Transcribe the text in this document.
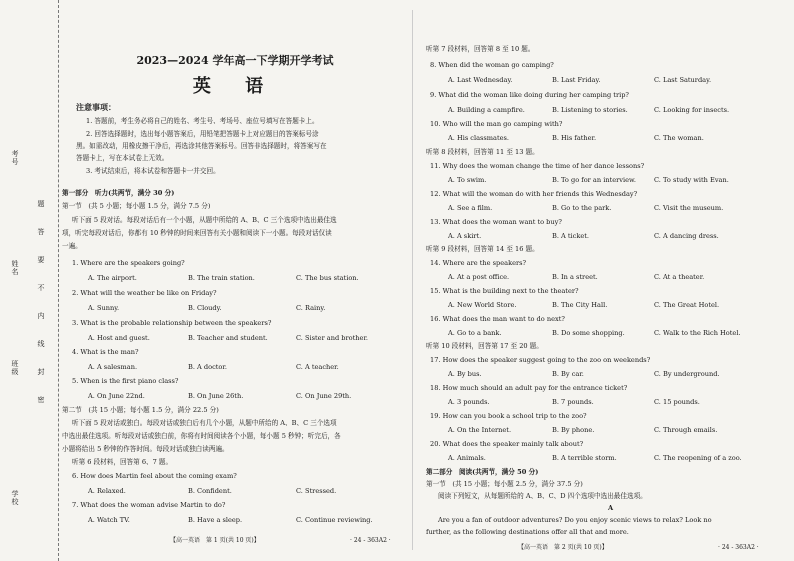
考号
姓名
班级
学校
题
答
要
不
内
线
封
密
2023—2024 学年高一下学期开学考试
英 语
注意事项：
1. 答题前，考生务必将自己的姓名、考生号、考场号、座位号填写在答题卡上。
2. 回答选择题时，选出每小题答案后，用铅笔把答题卡上对应题目的答案标号涂
黑。如需改动，用橡皮擦干净后，再选涂其他答案标号。回答非选择题时，将答案写在
答题卡上，写在本试卷上无效。
3. 考试结束后，将本试卷和答题卡一并交回。
第一部分　听力(共两节，满分 30 分)
第一节　(共 5 小题；每小题 1.5 分，满分 7.5 分)
听下面 5 段对话。每段对话后有一个小题，从题中所给的 A、B、C 三个选项中选出最佳选
项，听完每段对话后，你都有 10 秒钟的时间来回答有关小题和阅读下一小题。每段对话仅读
一遍。
1. Where are the speakers going?
A. The airport.	B. The train station.	C. The bus station.
2. What will the weather be like on Friday?
A. Sunny.	B. Cloudy.	C. Rainy.
3. What is the probable relationship between the speakers?
A. Host and guest.	B. Teacher and student.	C. Sister and brother.
4. What is the man?
A. A salesman.	B. A doctor.	C. A teacher.
5. When is the first piano class?
A. On June 22nd.	B. On June 26th.	C. On June 29th.
第二节　(共 15 小题；每小题 1.5 分，满分 22.5 分)
听下面 5 段对话或独白。每段对话或独白后有几个小题，从题中所给的 A、B、C 三个选项
中选出最佳选项。听每段对话或独白前，你将有时间阅读各个小题，每小题 5 秒钟；听完后，各
小题将给出 5 秒钟的作答时间。每段对话或独白读两遍。
听第 6 段材料，回答第 6、7 题。
6. How does Martin feel about the coming exam?
A. Relaxed.	B. Confident.	C. Stressed.
7. What does the woman advise Martin to do?
A. Watch TV.	B. Have a sleep.	C. Continue reviewing.
【高一英语　第 1 页(共 10 页)】	· 24 - 363A2 ·
听第 7 段材料，回答第 8 至 10 题。
8. When did the woman go camping?
A. Last Wednesday.	B. Last Friday.	C. Last Saturday.
9. What did the woman like doing during her camping trip?
A. Building a campfire.	B. Listening to stories.	C. Looking for insects.
10. Who will the man go camping with?
A. His classmates.	B. His father.	C. The woman.
听第 8 段材料，回答第 11 至 13 题。
11. Why does the woman change the time of her dance lessons?
A. To swim.	B. To go for an interview.	C. To study with Evan.
12. What will the woman do with her friends this Wednesday?
A. See a film.	B. Go to the park.	C. Visit the museum.
13. What does the woman want to buy?
A. A skirt.	B. A ticket.	C. A dancing dress.
听第 9 段材料，回答第 14 至 16 题。
14. Where are the speakers?
A. At a post office.	B. In a street.	C. At a theater.
15. What is the building next to the theater?
A. New World Store.	B. The City Hall.	C. The Great Hotel.
16. What does the man want to do next?
A. Go to a bank.	B. Do some shopping.	C. Walk to the Rich Hotel.
听第 10 段材料，回答第 17 至 20 题。
17. How does the speaker suggest going to the zoo on weekends?
A. By bus.	B. By car.	C. By underground.
18. How much should an adult pay for the entrance ticket?
A. 3 pounds.	B. 7 pounds.	C. 15 pounds.
19. How can you book a school trip to the zoo?
A. On the Internet.	B. By phone.	C. Through emails.
20. What does the speaker mainly talk about?
A. Animals.	B. A terrible storm.	C. The reopening of a zoo.
第二部分　阅读(共两节，满分 50 分)
第一节　(共 15 小题；每小题 2.5 分，满分 37.5 分)
阅读下列短文，从每题所给的 A、B、C、D 四个选项中选出最佳选项。
A
Are you a fan of outdoor adventures? Do you enjoy scenic views to relax? Look no
further, as the following destinations offer all that and more.
【高一英语　第 2 页(共 10 页)】	· 24 - 363A2 ·
